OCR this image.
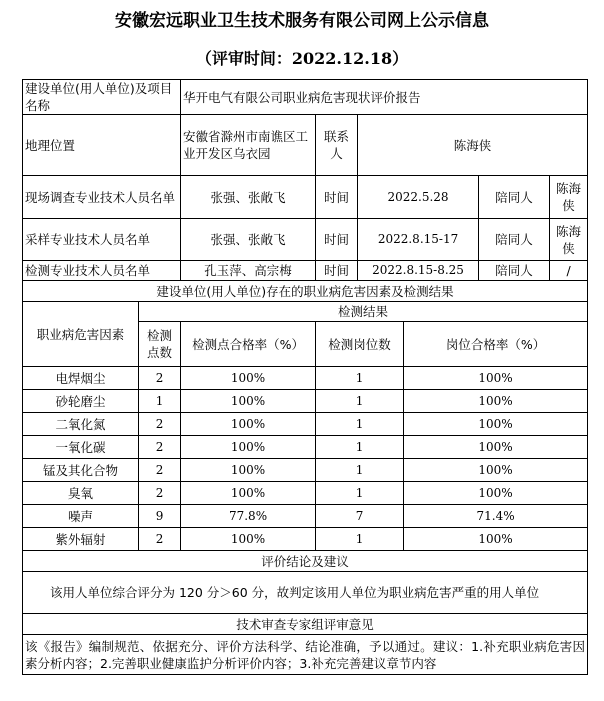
安徽宏远职业卫生技术服务有限公司网上公示信息
（评审时间：2022.12.18）
建设单位(用人单位)及项目名称		华开电气有限公司职业病危害现状评价报告					
地理位置		安徽省滁州市南谯区工业开发区乌衣园	联系人	陈海侠			
现场调查专业技术人员名单		张强、张敞飞	时间	2022.5.28		陪同人	陈海侠
采样专业技术人员名单		张强、张敞飞	时间	2022.8.15-17		陪同人	陈海侠
检测专业技术人员名单		孔玉萍、高宗梅	时间	2022.8.15-8.25		陪同人	/
建设单位(用人单位)存在的职业病危害因素及检测结果							
职业病危害因素	检测结果						
	检测点数	检测点合格率（%）	检测岗位数		岗位合格率（%）		
电焊烟尘	2	100%	1		100%		
砂轮磨尘	1	100%	1		100%		
二氧化氮	2	100%	1		100%		
一氧化碳	2	100%	1		100%		
锰及其化合物	2	100%	1		100%		
臭氧	2	100%	1		100%		
噪声	9	77.8%	7		71.4%		
紫外辐射	2	100%	1		100%		
评价结论及建议							
该用人单位综合评分为 120 分＞60 分，故判定该用人单位为职业病危害严重的用人单位							
技术审查专家组评审意见							
该《报告》编制规范、依据充分、评价方法科学、结论准确，予以通过。建议：1.补充职业病危害因素分析内容；2.完善职业健康监护分析评价内容；3.补充完善建议章节内容							
